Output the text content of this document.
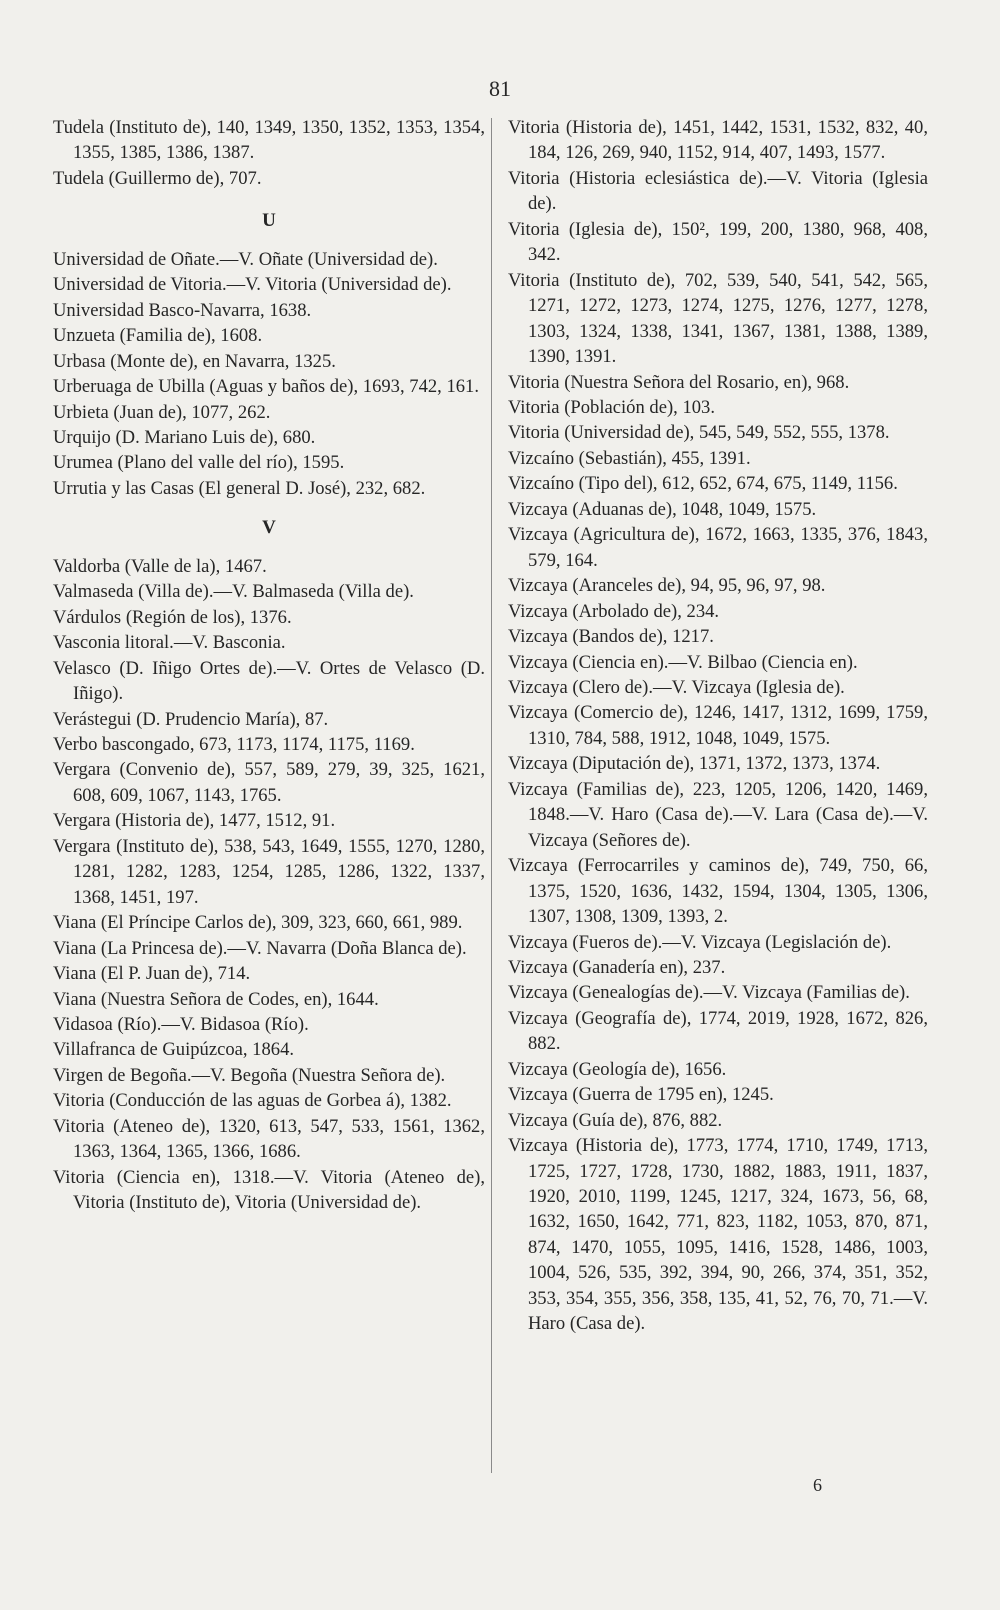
81

Tudela (Instituto de), 140, 1349, 1350, 1352, 1353, 1354, 1355, 1385, 1386, 1387.

Tudela (Guillermo de), 707.

U

Universidad de Oñate.—V. Oñate (Universidad de).

Universidad de Vitoria.—V. Vitoria (Universidad de).

Universidad Basco-Navarra, 1638.

Unzueta (Familia de), 1608.

Urbasa (Monte de), en Navarra, 1325.

Urberuaga de Ubilla (Aguas y baños de), 1693, 742, 161.

Urbieta (Juan de), 1077, 262.

Urquijo (D. Mariano Luis de), 680.

Urumea (Plano del valle del río), 1595.

Urrutia y las Casas (El general D. José), 232, 682.

V

Valdorba (Valle de la), 1467.

Valmaseda (Villa de).—V. Balmaseda (Villa de).

Várdulos (Región de los), 1376.

Vasconia litoral.—V. Basconia.

Velasco (D. Iñigo Ortes de).—V. Ortes de Velasco (D. Iñigo).

Verástegui (D. Prudencio María), 87.

Verbo bascongado, 673, 1173, 1174, 1175, 1169.

Vergara (Convenio de), 557, 589, 279, 39, 325, 1621, 608, 609, 1067, 1143, 1765.

Vergara (Historia de), 1477, 1512, 91.

Vergara (Instituto de), 538, 543, 1649, 1555, 1270, 1280, 1281, 1282, 1283, 1254, 1285, 1286, 1322, 1337, 1368, 1451, 197.

Viana (El Príncipe Carlos de), 309, 323, 660, 661, 989.

Viana (La Princesa de).—V. Navarra (Doña Blanca de).

Viana (El P. Juan de), 714.

Viana (Nuestra Señora de Codes, en), 1644.

Vidasoa (Río).—V. Bidasoa (Río).

Villafranca de Guipúzcoa, 1864.

Virgen de Begoña.—V. Begoña (Nuestra Señora de).

Vitoria (Conducción de las aguas de Gorbea á), 1382.

Vitoria (Ateneo de), 1320, 613, 547, 533, 1561, 1362, 1363, 1364, 1365, 1366, 1686.

Vitoria (Ciencia en), 1318.—V. Vitoria (Ateneo de), Vitoria (Instituto de), Vitoria (Universidad de).

Vitoria (Historia de), 1451, 1442, 1531, 1532, 832, 40, 184, 126, 269, 940, 1152, 914, 407, 1493, 1577.

Vitoria (Historia eclesiástica de).—V. Vitoria (Iglesia de).

Vitoria (Iglesia de), 150², 199, 200, 1380, 968, 408, 342.

Vitoria (Instituto de), 702, 539, 540, 541, 542, 565, 1271, 1272, 1273, 1274, 1275, 1276, 1277, 1278, 1303, 1324, 1338, 1341, 1367, 1381, 1388, 1389, 1390, 1391.

Vitoria (Nuestra Señora del Rosario, en), 968.

Vitoria (Población de), 103.

Vitoria (Universidad de), 545, 549, 552, 555, 1378.

Vizcaíno (Sebastián), 455, 1391.

Vizcaíno (Tipo del), 612, 652, 674, 675, 1149, 1156.

Vizcaya (Aduanas de), 1048, 1049, 1575.

Vizcaya (Agricultura de), 1672, 1663, 1335, 376, 1843, 579, 164.

Vizcaya (Aranceles de), 94, 95, 96, 97, 98.

Vizcaya (Arbolado de), 234.

Vizcaya (Bandos de), 1217.

Vizcaya (Ciencia en).—V. Bilbao (Ciencia en).

Vizcaya (Clero de).—V. Vizcaya (Iglesia de).

Vizcaya (Comercio de), 1246, 1417, 1312, 1699, 1759, 1310, 784, 588, 1912, 1048, 1049, 1575.

Vizcaya (Diputación de), 1371, 1372, 1373, 1374.

Vizcaya (Familias de), 223, 1205, 1206, 1420, 1469, 1848.—V. Haro (Casa de).—V. Lara (Casa de).—V. Vizcaya (Señores de).

Vizcaya (Ferrocarriles y caminos de), 749, 750, 66, 1375, 1520, 1636, 1432, 1594, 1304, 1305, 1306, 1307, 1308, 1309, 1393, 2.

Vizcaya (Fueros de).—V. Vizcaya (Legislación de).

Vizcaya (Ganadería en), 237.

Vizcaya (Genealogías de).—V. Vizcaya (Familias de).

Vizcaya (Geografía de), 1774, 2019, 1928, 1672, 826, 882.

Vizcaya (Geología de), 1656.

Vizcaya (Guerra de 1795 en), 1245.

Vizcaya (Guía de), 876, 882.

Vizcaya (Historia de), 1773, 1774, 1710, 1749, 1713, 1725, 1727, 1728, 1730, 1882, 1883, 1911, 1837, 1920, 2010, 1199, 1245, 1217, 324, 1673, 56, 68, 1632, 1650, 1642, 771, 823, 1182, 1053, 870, 871, 874, 1470, 1055, 1095, 1416, 1528, 1486, 1003, 1004, 526, 535, 392, 394, 90, 266, 374, 351, 352, 353, 354, 355, 356, 358, 135, 41, 52, 76, 70, 71.—V. Haro (Casa de).

6
